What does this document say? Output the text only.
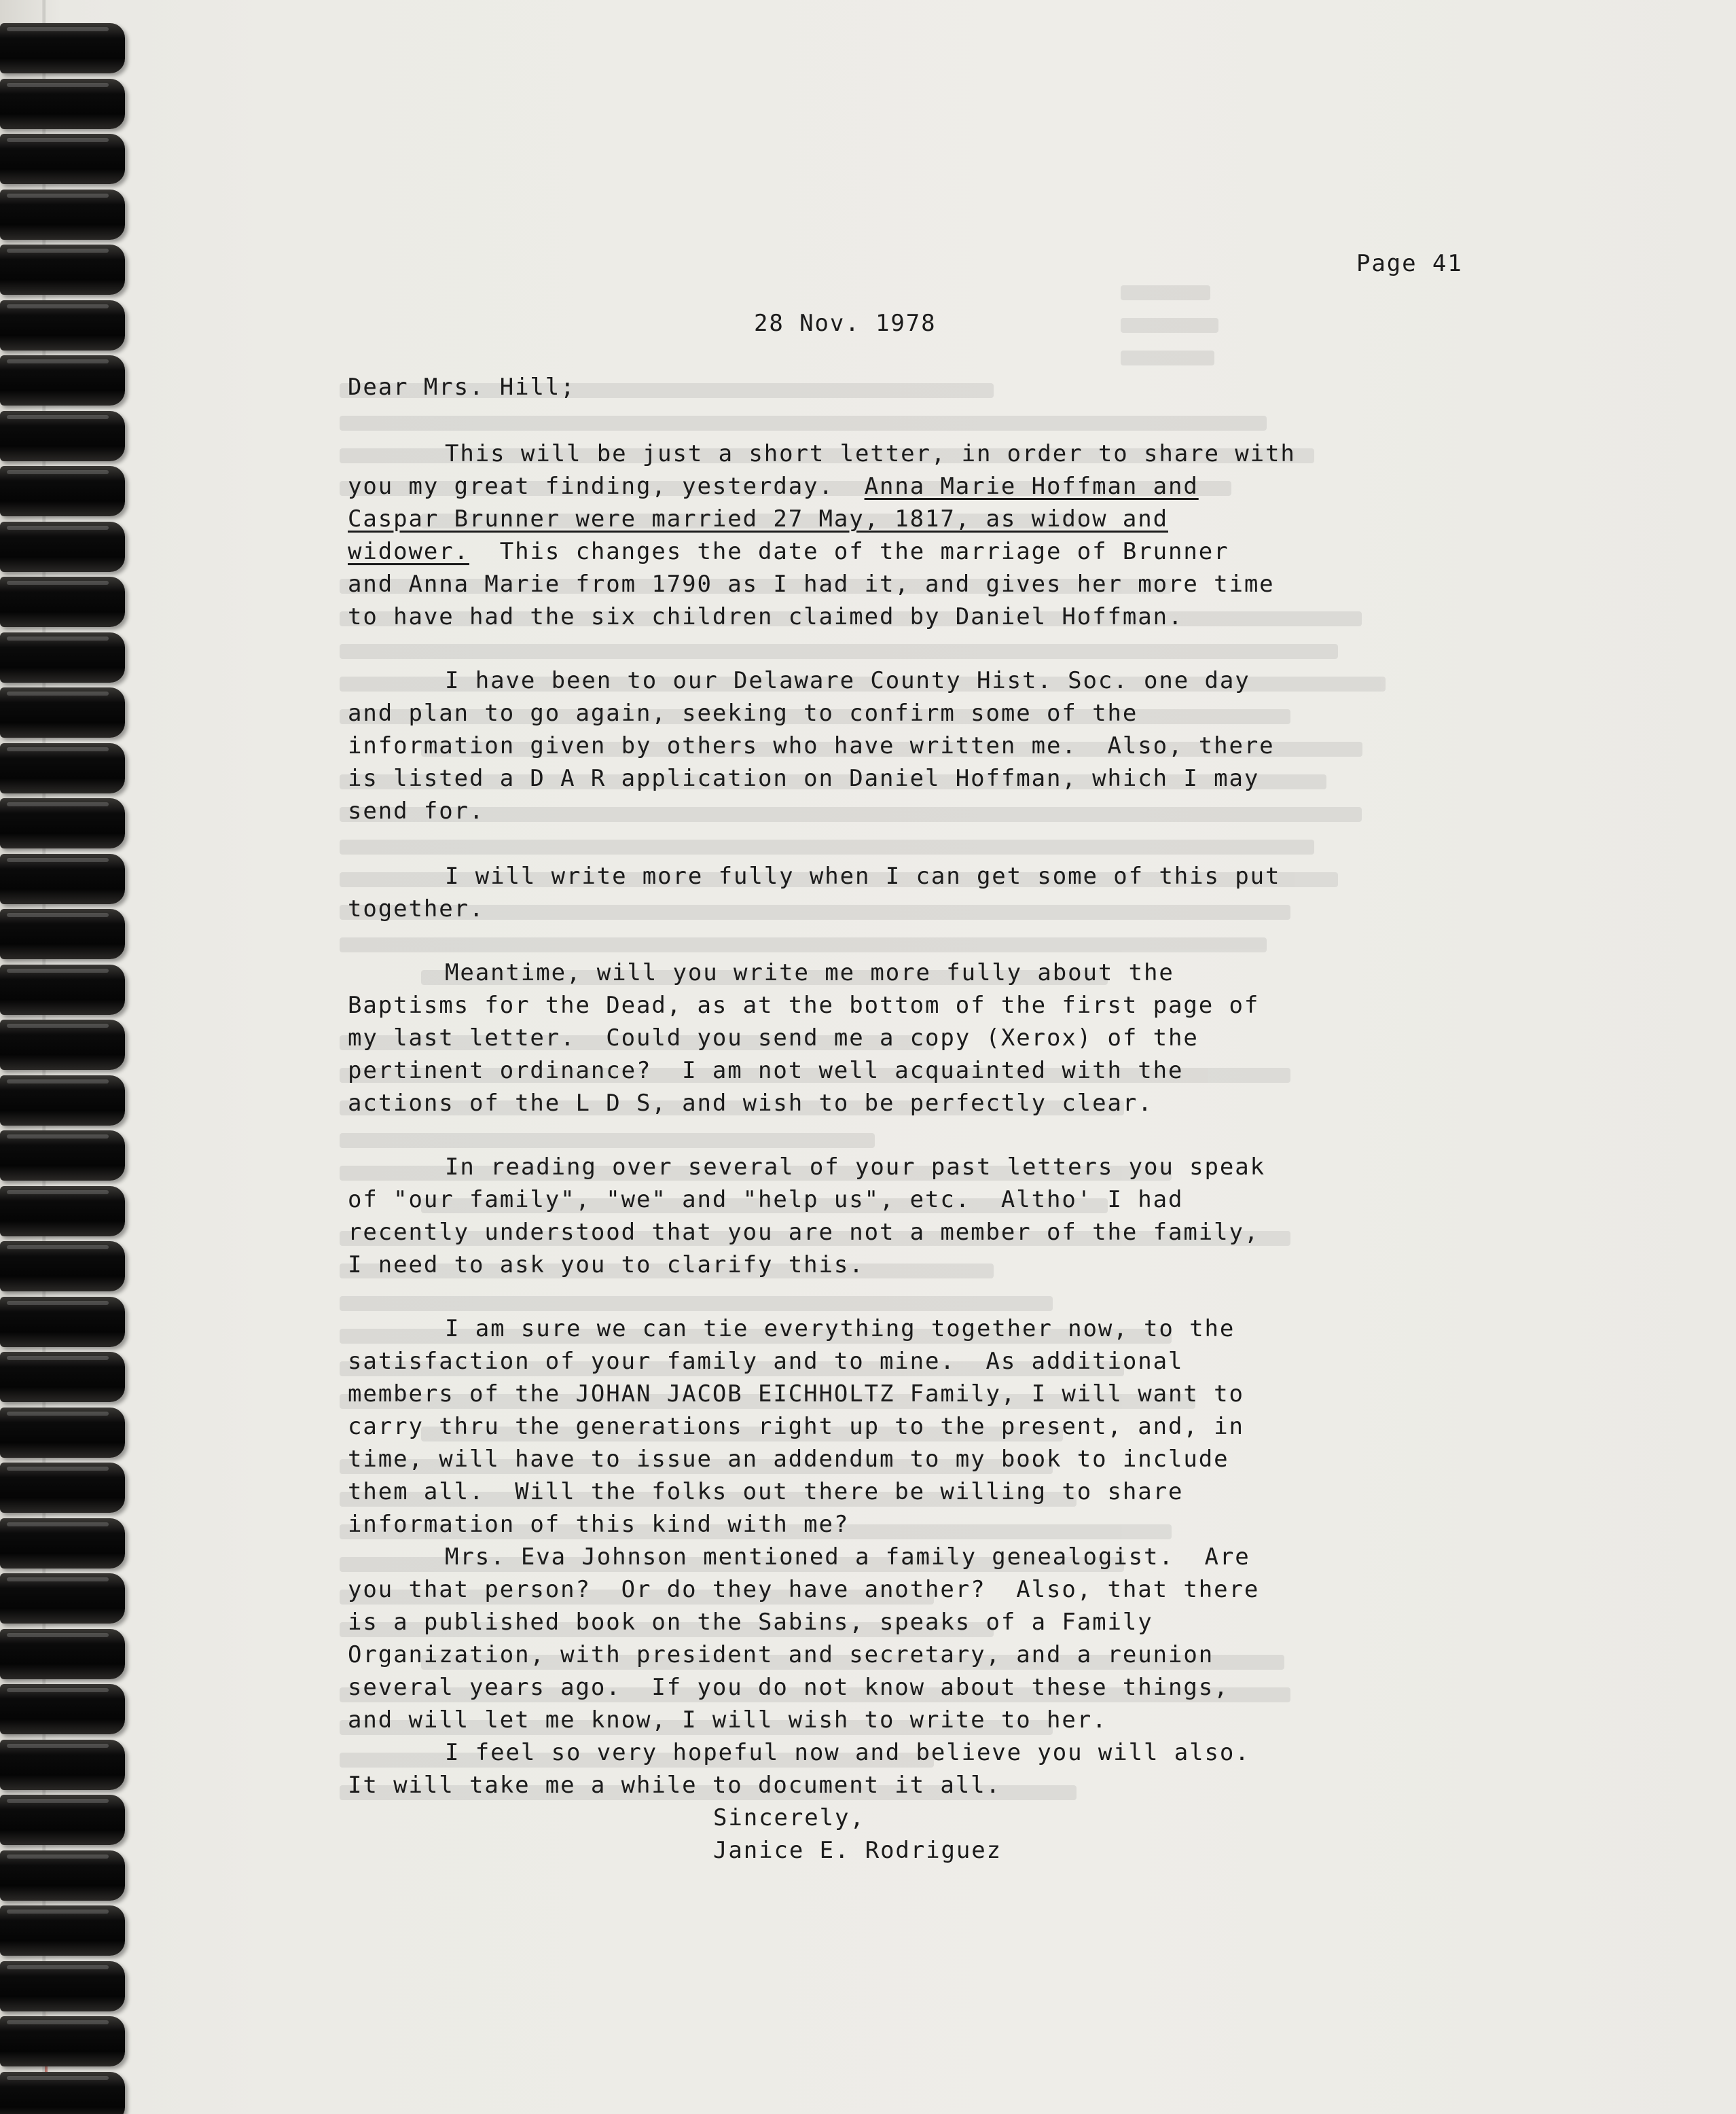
Page 41

28 Nov. 1978

Dear Mrs. Hill;

This will be just a short letter, in order to share with

you my great finding, yesterday. Anna Marie Hoffman and

Caspar Brunner were married 27 May, 1817, as widow and

widower. This changes the date of the marriage of Brunner

and Anna Marie from 1790 as I had it, and gives her more time

to have had the six children claimed by Daniel Hoffman.

I have been to our Delaware County Hist. Soc. one day

and plan to go again, seeking to confirm some of the

information given by others who have written me.  Also, there

is listed a D A R application on Daniel Hoffman, which I may

send for.

I will write more fully when I can get some of this put

together.

Meantime, will you write me more fully about the

Baptisms for the Dead, as at the bottom of the first page of

my last letter.  Could you send me a copy (Xerox) of the

pertinent ordinance?  I am not well acquainted with the

actions of the L D S, and wish to be perfectly clear.

In reading over several of your past letters you speak

of "our family", "we" and "help us", etc.  Altho' I had

recently understood that you are not a member of the family,

I need to ask you to clarify this.

I am sure we can tie everything together now, to the

satisfaction of your family and to mine.  As additional

members of the JOHAN JACOB EICHHOLTZ Family, I will want to

carry thru the generations right up to the present, and, in

time, will have to issue an addendum to my book to include

them all.  Will the folks out there be willing to share

information of this kind with me?

Mrs. Eva Johnson mentioned a family genealogist.  Are

you that person?  Or do they have another?  Also, that there

is a published book on the Sabins, speaks of a Family

Organization, with president and secretary, and a reunion

several years ago.  If you do not know about these things,

and will let me know, I will wish to write to her.

I feel so very hopeful now and believe you will also.

It will take me a while to document it all.

Sincerely,

Janice E. Rodriguez
